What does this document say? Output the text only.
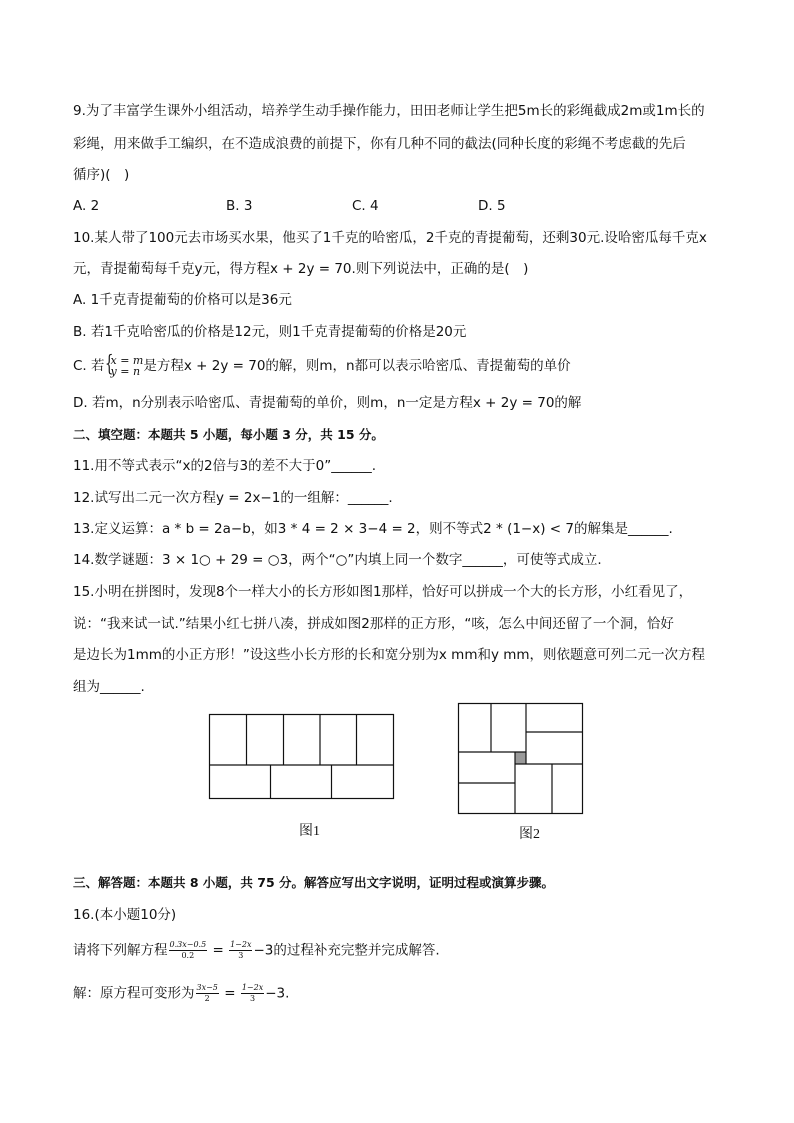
9.为了丰富学生课外小组活动，培养学生动手操作能力，田田老师让学生把5m长的彩绳截成2m或1m长的
彩绳，用来做手工编织，在不造成浪费的前提下，你有几种不同的截法(同种长度的彩绳不考虑截的先后
循序)(　)
A. 2	B. 3	C. 4	D. 5
10.某人带了100元去市场买水果，他买了1千克的哈密瓜，2千克的青提葡萄，还剩30元.设哈密瓜每千克x
元，青提葡萄每千克y元，得方程x + 2y = 70.则下列说法中，正确的是(　)
A. 1千克青提葡萄的价格可以是36元
B. 若1千克哈密瓜的价格是12元，则1千克青提葡萄的价格是20元
C. 若 {
x = m
y = n 是方程x + 2y = 70的解，则m，n都可以表示哈密瓜、青提葡萄的单价
D. 若m，n分别表示哈密瓜、青提葡萄的单价，则m，n一定是方程x + 2y = 70的解
二、填空题：本题共 5 小题，每小题 3 分，共 15 分。
11.用不等式表示“x的2倍与3的差不大于0”______.
12.试写出二元一次方程y = 2x−1的一组解：______.
13.定义运算：a * b = 2a−b，如3 * 4 = 2 × 3−4 = 2，则不等式2 * (1−x) < 7的解集是______.
14.数学谜题：3 × 1○ + 29 = ○3，两个“○”内填上同一个数字______，可使等式成立.
15.小明在拼图时，发现8个一样大小的长方形如图1那样，恰好可以拼成一个大的长方形，小红看见了，
说：“我来试一试.”结果小红七拼八凑，拼成如图2那样的正方形，“咳，怎么中间还留了一个洞，恰好
是边长为1mm的小正方形！”设这些小长方形的长和宽分别为x mm和y mm，则依题意可列二元一次方程
组为______.
图1	图2
三、解答题：本题共 8 小题，共 75 分。解答应写出文字说明，证明过程或演算步骤。
16.(本小题10分)
请将下列解方程 $\frac{0.3x-0.5}{0.2} = \frac{1-2x}{3} -3$的过程补充完整并完成解答.
解：原方程可变形为 $\frac{3x-5}{2} = \frac{1-2x}{3} -3$.
